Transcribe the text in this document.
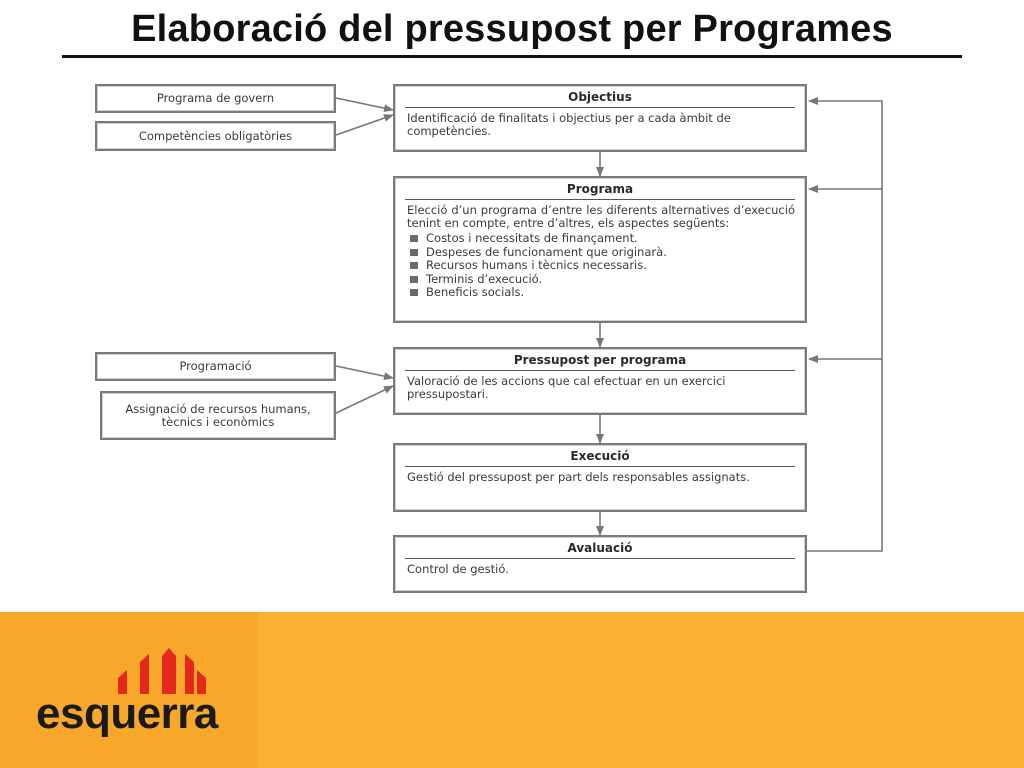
Elaboració del pressupost per Programes
Programa de govern
Competències obligatòries
Programació
Assignació de recursos humans, tècnics i econòmics
Objectius
Identificació de finalitats i objectius per a cada àmbit de competències.
Programa
Elecció d’un programa d’entre les diferents alternatives d’execució tenint en compte, entre d’altres, els aspectes següents:
Costos i necessitats de finançament.
Despeses de funcionament que originarà.
Recursos humans i tècnics necessaris.
Terminis d’execució.
Beneficis socials.
Pressupost per programa
Valoració de les accions que cal efectuar en un exercici pressupostari.
Execució
Gestió del pressupost per part dels responsables assignats.
Avaluació
Control de gestió.
esquerra
